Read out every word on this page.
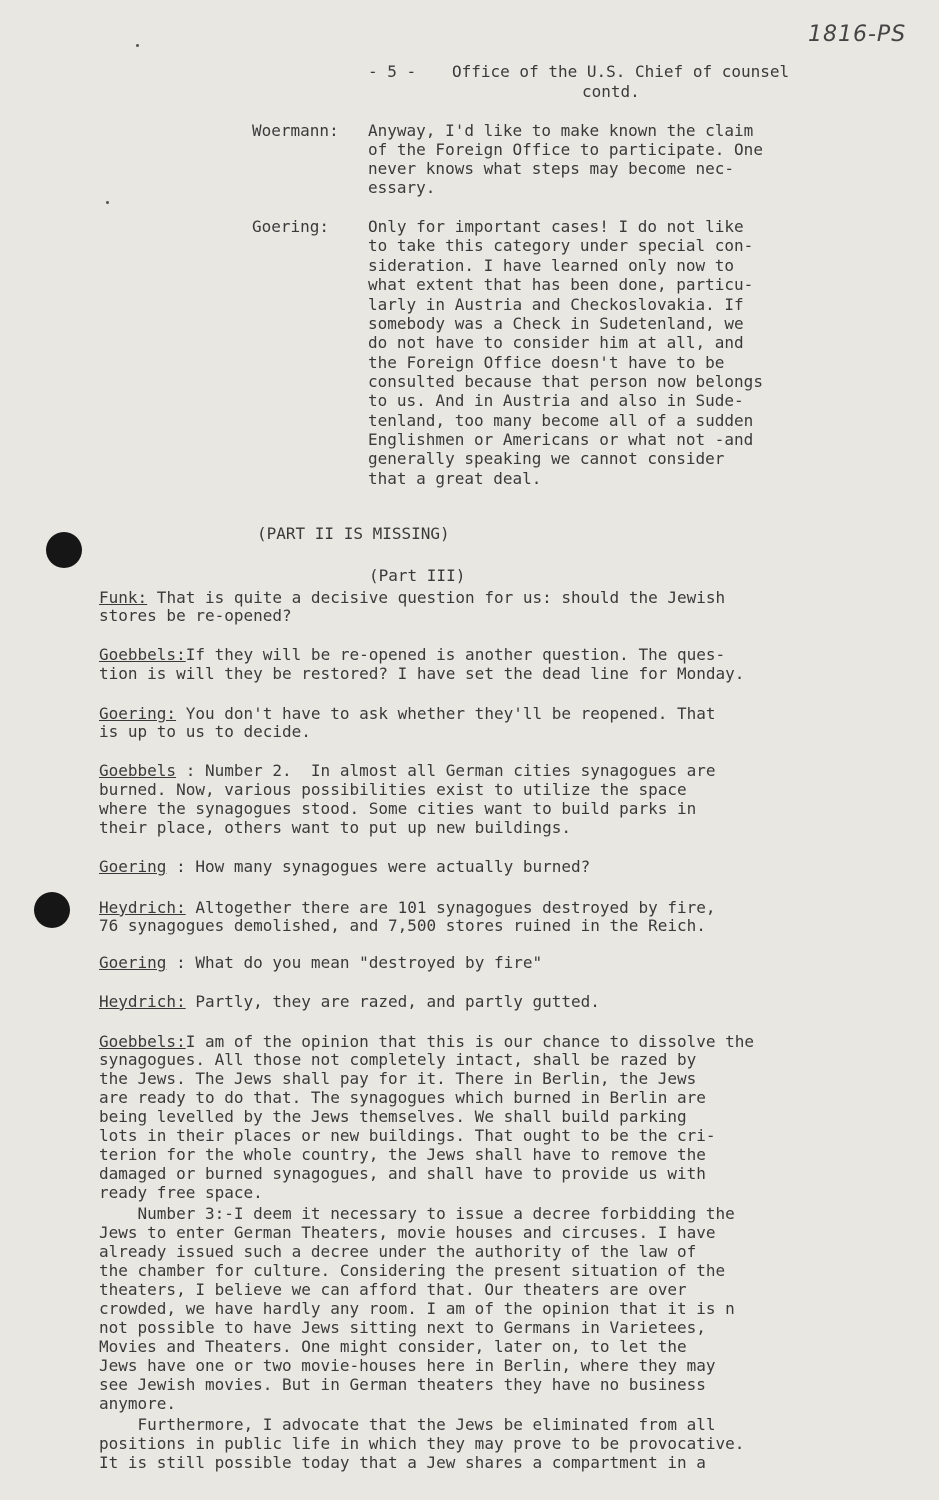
1816-PS
- 5 - Office of the U.S. Chief of counsel
contd.
Woermann: Anyway, I'd like to make known the claim
of the Foreign Office to participate. One
never knows what steps may become nec-
essary.
Goering: Only for important cases! I do not like
to take this category under special con-
sideration. I have learned only now to
what extent that has been done, particu-
larly in Austria and Checkoslovakia. If
somebody was a Check in Sudetenland, we
do not have to consider him at all, and
the Foreign Office doesn't have to be
consulted because that person now belongs
to us. And in Austria and also in Sude-
tenland, too many become all of a sudden
Englishmen or Americans or what not -and
generally speaking we cannot consider
that a great deal.
(PART II IS MISSING)
(Part III)
Funk: That is quite a decisive question for us: should the Jewish
stores be re-opened?
Goebbels:If they will be re-opened is another question. The ques-
tion is will they be restored? I have set the dead line for Monday.
Goering: You don't have to ask whether they'll be reopened. That
is up to us to decide.
Goebbels : Number 2.  In almost all German cities synagogues are
burned. Now, various possibilities exist to utilize the space
where the synagogues stood. Some cities want to build parks in
their place, others want to put up new buildings.
Goering : How many synagogues were actually burned?
Heydrich: Altogether there are 101 synagogues destroyed by fire,
76 synagogues demolished, and 7,500 stores ruined in the Reich.
Goering : What do you mean "destroyed by fire"
Heydrich: Partly, they are razed, and partly gutted.
Goebbels:I am of the opinion that this is our chance to dissolve the
synagogues. All those not completely intact, shall be razed by
the Jews. The Jews shall pay for it. There in Berlin, the Jews
are ready to do that. The synagogues which burned in Berlin are
being levelled by the Jews themselves. We shall build parking
lots in their places or new buildings. That ought to be the cri-
terion for the whole country, the Jews shall have to remove the
damaged or burned synagogues, and shall have to provide us with
ready free space.
Number 3:-I deem it necessary to issue a decree forbidding the
Jews to enter German Theaters, movie houses and circuses. I have
already issued such a decree under the authority of the law of
the chamber for culture. Considering the present situation of the
theaters, I believe we can afford that. Our theaters are over
crowded, we have hardly any room. I am of the opinion that it is n
not possible to have Jews sitting next to Germans in Varietees,
Movies and Theaters. One might consider, later on, to let the
Jews have one or two movie-houses here in Berlin, where they may
see Jewish movies. But in German theaters they have no business
anymore.
Furthermore, I advocate that the Jews be eliminated from all
positions in public life in which they may prove to be provocative.
It is still possible today that a Jew shares a compartment in a
